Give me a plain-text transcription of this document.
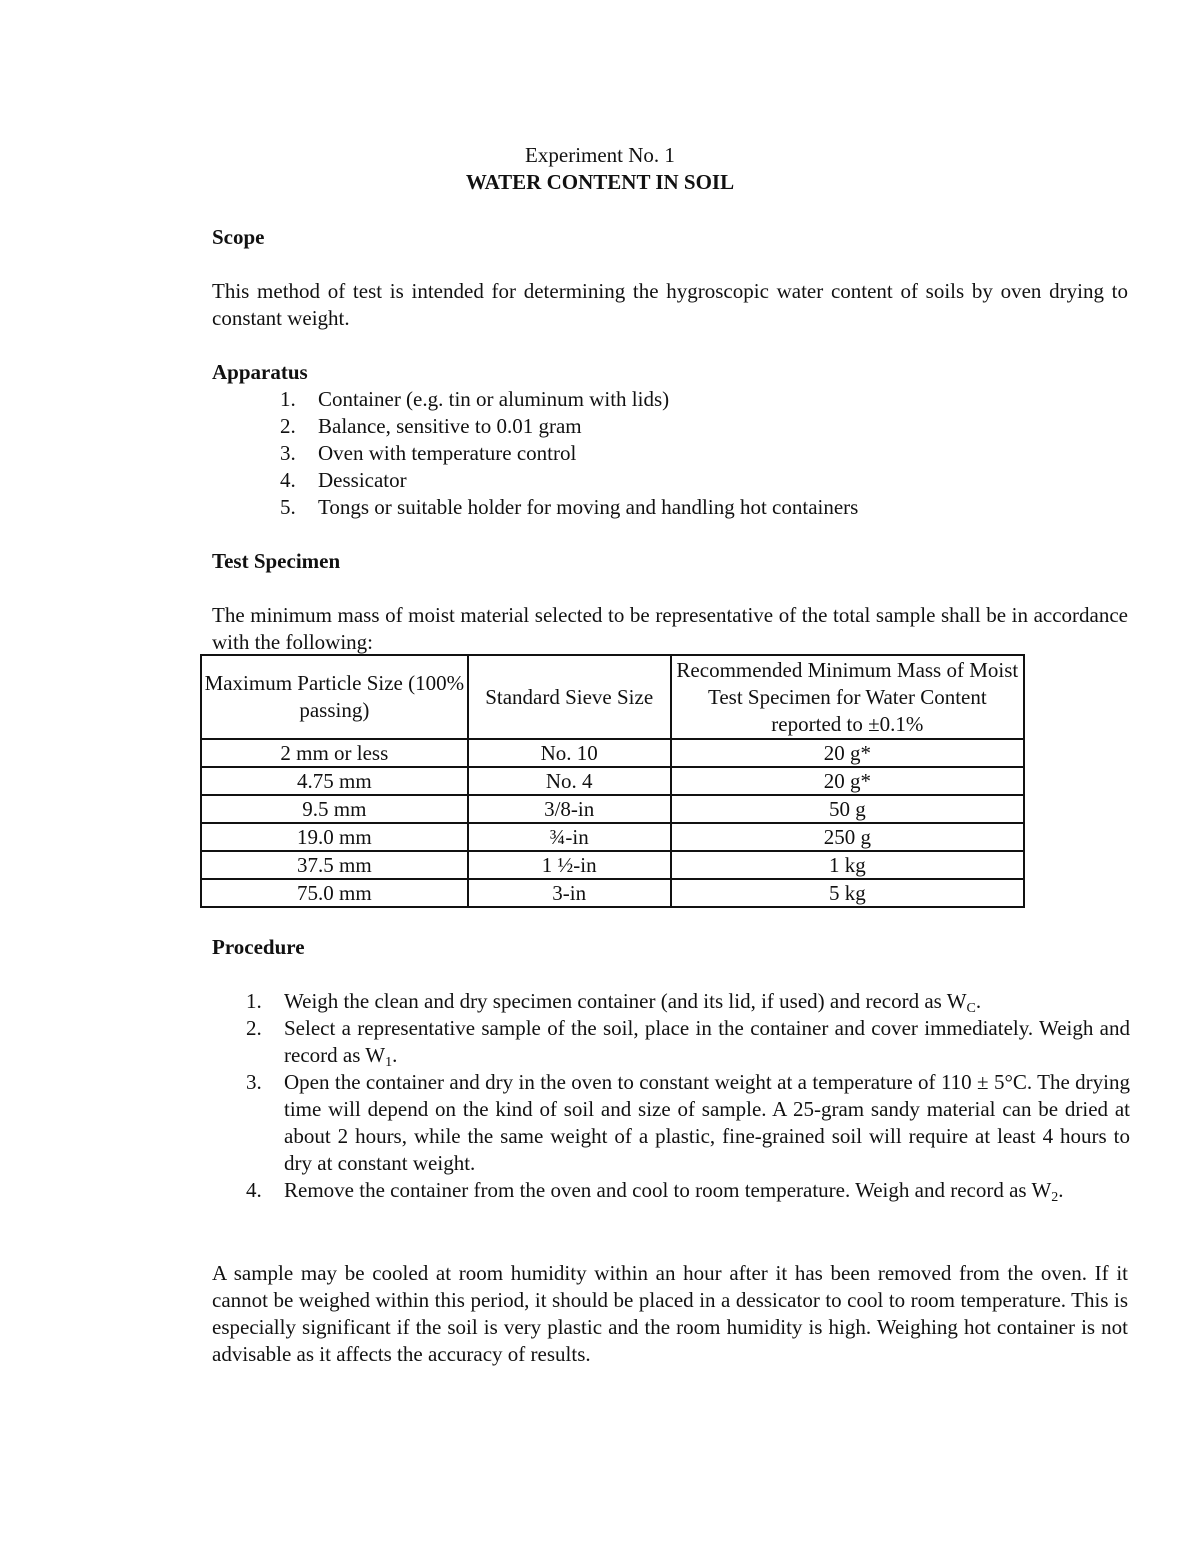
Experiment No. 1
WATER CONTENT IN SOIL
Scope
This method of test is intended for determining the hygroscopic water content of soils by oven drying to constant weight.
Apparatus
1. Container (e.g. tin or aluminum with lids)
2. Balance, sensitive to 0.01 gram
3. Oven with temperature control
4. Dessicator
5. Tongs or suitable holder for moving and handling hot containers
Test Specimen
The minimum mass of moist material selected to be representative of the total sample shall be in accordance with the following:
Maximum Particle Size (100% passing)	Standard Sieve Size	Recommended Minimum Mass of Moist Test Specimen for Water Content reported to ±0.1%
2 mm or less	No. 10	20 g*
4.75 mm	No. 4	20 g*
9.5 mm	3/8-in	50 g
19.0 mm	¾-in	250 g
37.5 mm	1 ½-in	1 kg
75.0 mm	3-in	5 kg
Procedure
1. Weigh the clean and dry specimen container (and its lid, if used) and record as $W_C$.
2. Select a representative sample of the soil, place in the container and cover immediately. Weigh and record as $W_1$.
3. Open the container and dry in the oven to constant weight at a temperature of 110 ± 5°C. The drying time will depend on the kind of soil and size of sample. A 25-gram sandy material can be dried at about 2 hours, while the same weight of a plastic, fine-grained soil will require at least 4 hours to dry at constant weight.
4. Remove the container from the oven and cool to room temperature. Weigh and record as $W_2$.
A sample may be cooled at room humidity within an hour after it has been removed from the oven. If it cannot be weighed within this period, it should be placed in a dessicator to cool to room temperature. This is especially significant if the soil is very plastic and the room humidity is high. Weighing hot container is not advisable as it affects the accuracy of results.
